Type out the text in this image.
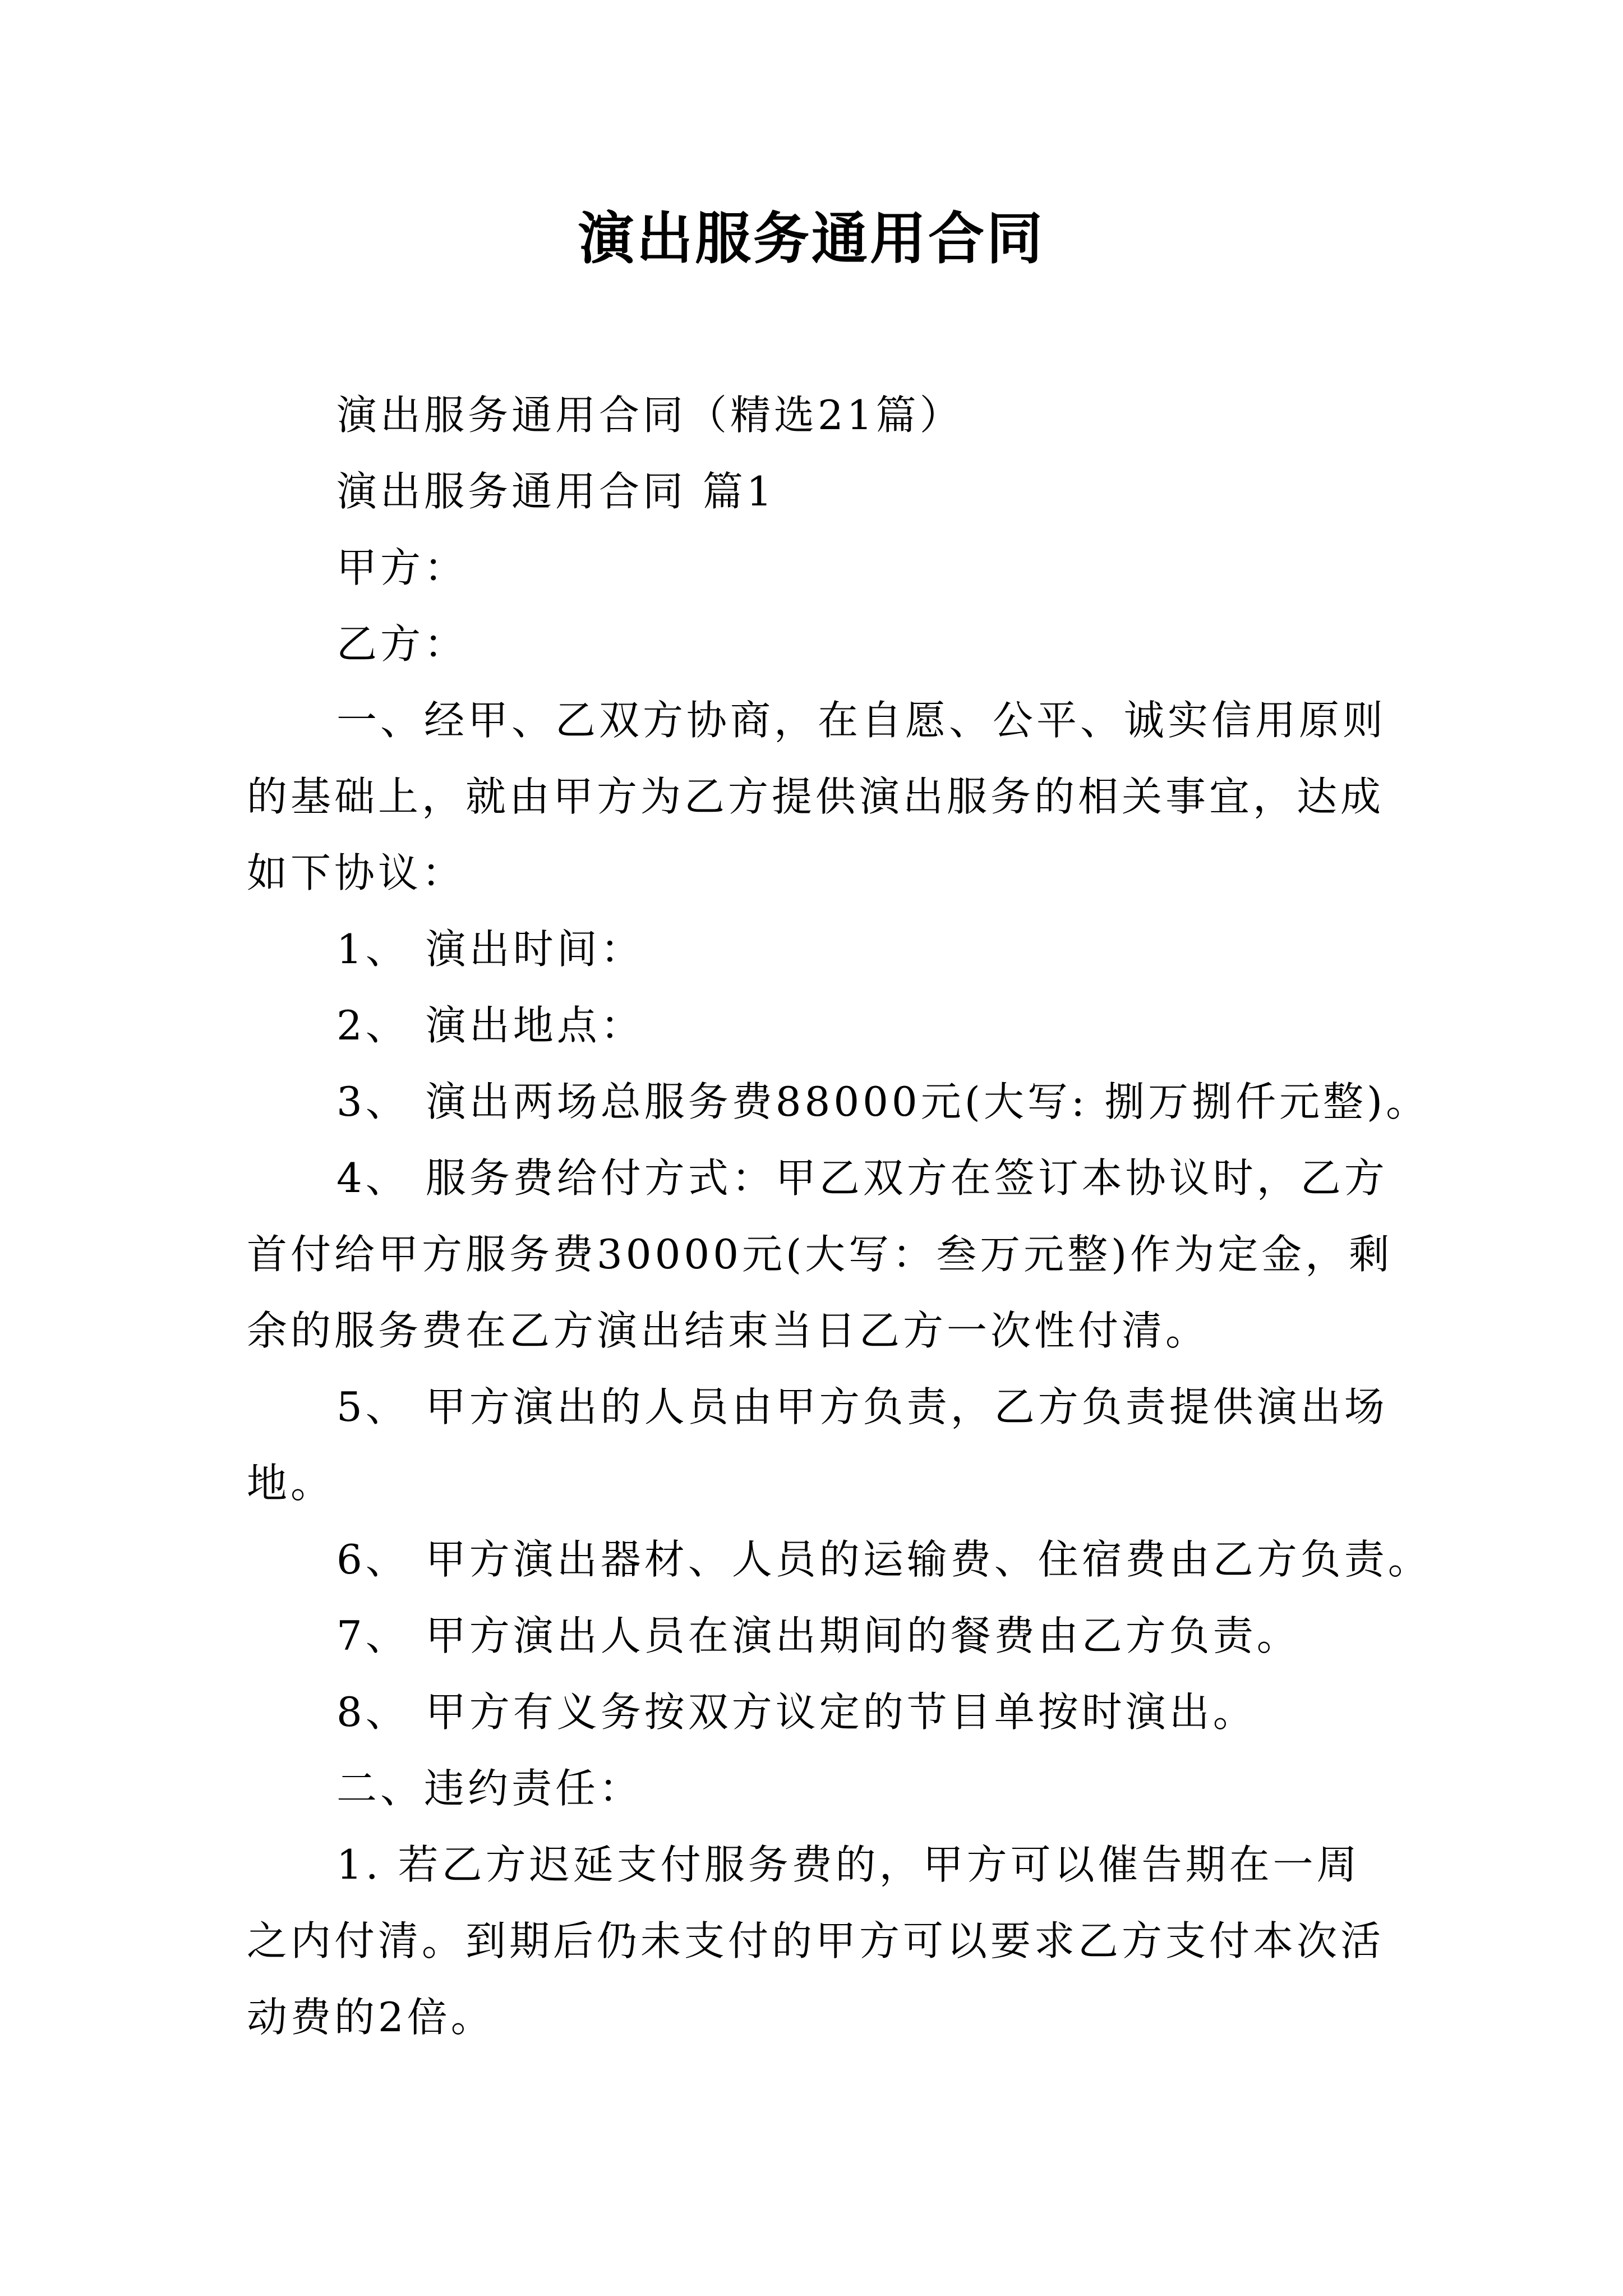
演出服务通用合同
演出服务通用合同（精选21篇）
演出服务通用合同 篇1
甲方：
乙方：
一、经甲、乙双方协商，在自愿、公平、诚实信用原则
的基础上，就由甲方为乙方提供演出服务的相关事宜，达成
如下协议：
1、 演出时间：
2、 演出地点：
3、 演出两场总服务费88000元(大写: 捌万捌仟元整)。
4、 服务费给付方式：甲乙双方在签订本协议时，乙方
首付给甲方服务费30000元(大写：叁万元整)作为定金，剩
余的服务费在乙方演出结束当日乙方一次性付清。
5、 甲方演出的人员由甲方负责，乙方负责提供演出场
地。
6、 甲方演出器材、人员的运输费、住宿费由乙方负责。
7、 甲方演出人员在演出期间的餐费由乙方负责。
8、 甲方有义务按双方议定的节目单按时演出。
二、违约责任：
1. 若乙方迟延支付服务费的，甲方可以催告期在一周
之内付清。到期后仍未支付的甲方可以要求乙方支付本次活
动费的2倍。
